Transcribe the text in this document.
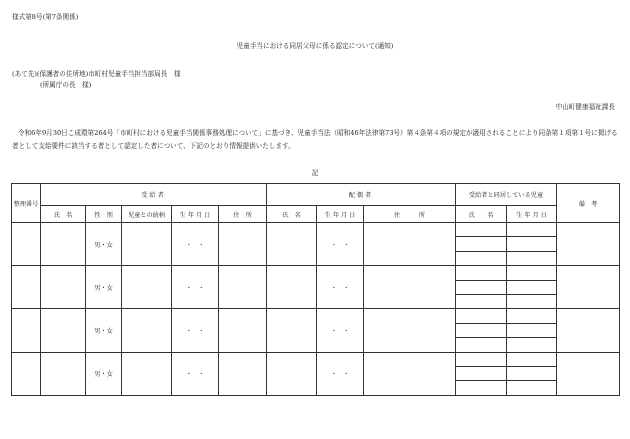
様式第8号(第7条関係)
児童手当における同居父母に係る認定について(通知)
(あて先)(保護者の住所地)市町村児童手当担当部局長　様
(所属庁の長　様)
中山町健康福祉課長
令和6年9月30日こ成環第264号「市町村における児童手当関係事務処理について」に基づき、児童手当法（昭和46年法律第73号）第４条第４項の規定が適用されることにより同条第１項第１号に掲げる者として支給要件に該当する者として認定した者について、下記のとおり情報提供いたします。
記
整理番号	受給者					配偶者			受給者と同居している児童		備　考
	氏　名	性　別	児童との続柄	生 年 月 日	住　所	氏　名	生 年 月 日	住　　　所	氏　　名	生 年 月 日	
		男・女		・　・			・　・				

		男・女		・　・			・　・				

		男・女		・　・			・　・				

		男・女		・　・			・　・				
